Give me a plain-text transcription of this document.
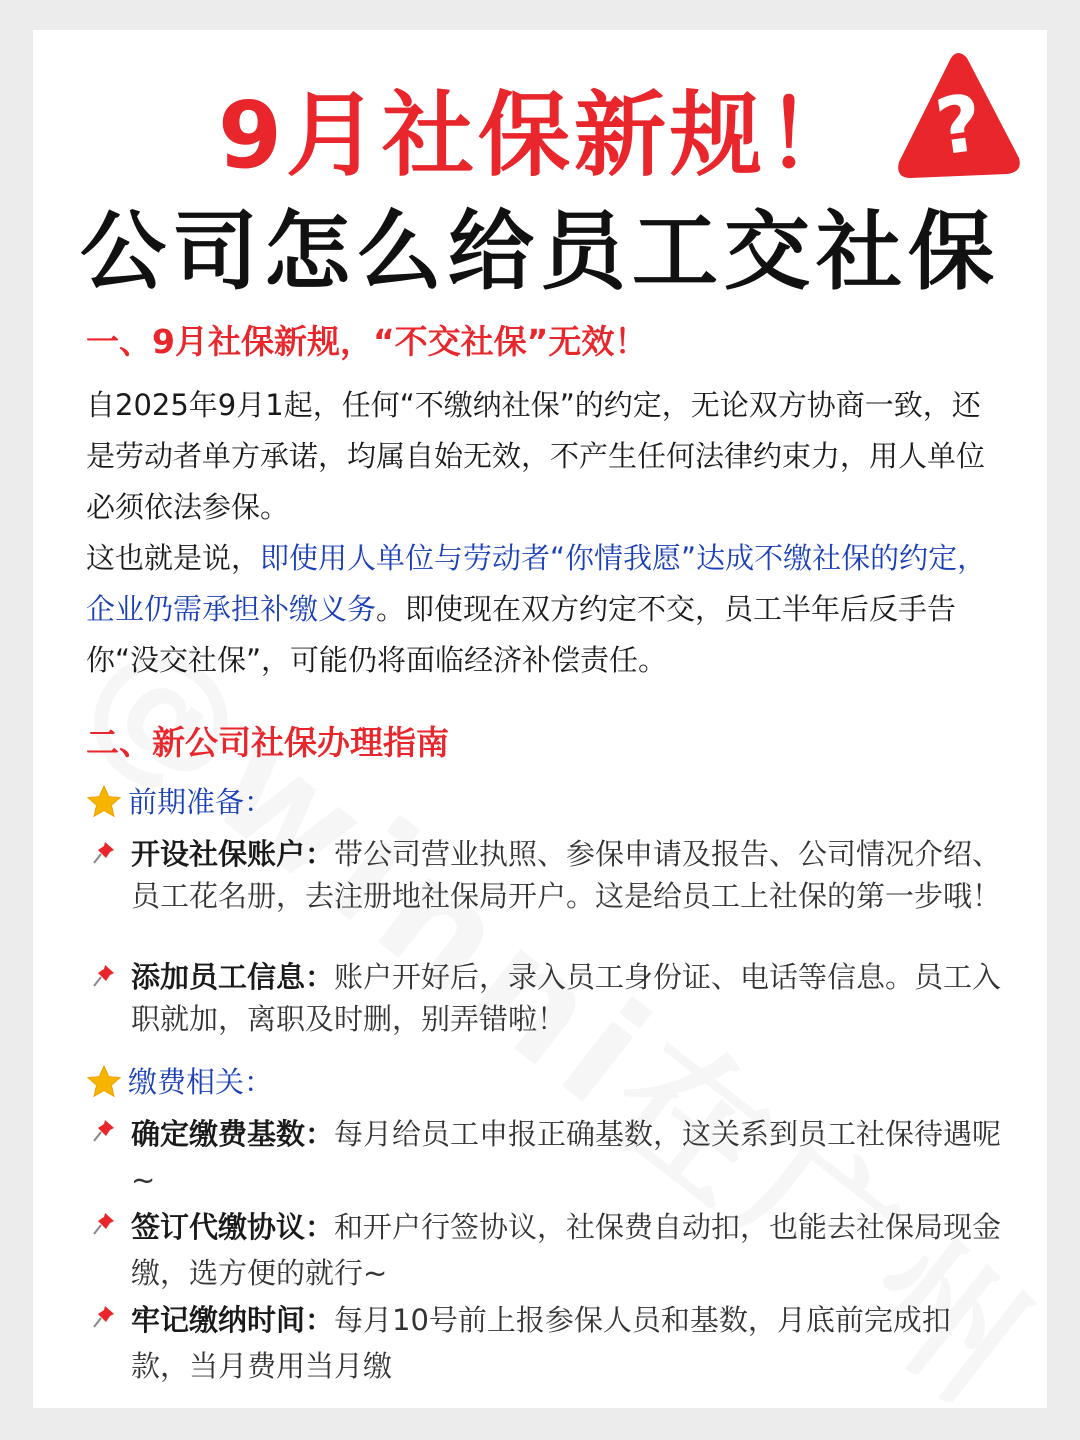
9月社保新规！
公司怎么给员工交社保
?
一、9月社保新规，“不交社保”无效！
自2025年9月1起，任何“不缴纳社保”的约定，无论双方协商一致，还是劳动者单方承诺，均属自始无效，不产生任何法律约束力，用人单位必须依法参保。
这也就是说，即使用人单位与劳动者“你情我愿”达成不缴社保的约定，企业仍需承担补缴义务。即使现在双方约定不交，员工半年后反手告你“没交社保”，可能仍将面临经济补偿责任。
二、新公司社保办理指南
前期准备：
开设社保账户：带公司营业执照、参保申请及报告、公司情况介绍、员工花名册，去注册地社保局开户。这是给员工上社保的第一步哦！
添加员工信息：账户开好后，录入员工身份证、电话等信息。员工入职就加，离职及时删，别弄错啦！
缴费相关：
确定缴费基数：每月给员工申报正确基数，这关系到员工社保待遇呢~
签订代缴协议：和开户行签协议，社保费自动扣，也能去社保局现金缴，选方便的就行~
牢记缴纳时间：每月10号前上报参保人员和基数，月底前完成扣款，当月费用当月缴
